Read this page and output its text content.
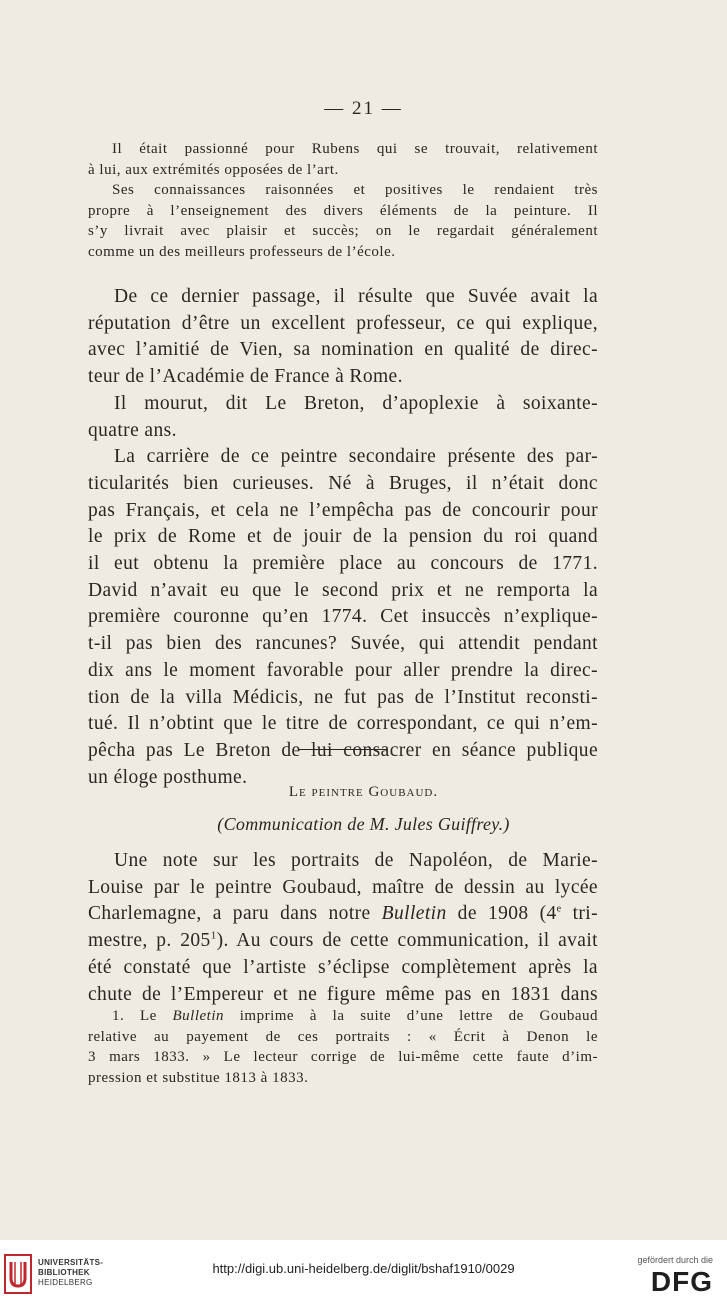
— 21 —

Il était passionné pour Rubens qui se trouvait, relativement

à lui, aux extrémités opposées de l’art.

Ses connaissances raisonnées et positives le rendaient très

propre à l’enseignement des divers éléments de la peinture. Il

s’y livrait avec plaisir et succès; on le regardait généralement

comme un des meilleurs professeurs de l’école.

De ce dernier passage, il résulte que Suvée avait la

réputation d’être un excellent professeur, ce qui explique,

avec l’amitié de Vien, sa nomination en qualité de direc-

teur de l’Académie de France à Rome.

Il mourut, dit Le Breton, d’apoplexie à soixante-

quatre ans.

La carrière de ce peintre secondaire présente des par-

ticularités bien curieuses. Né à Bruges, il n’était donc

pas Français, et cela ne l’empêcha pas de concourir pour

le prix de Rome et de jouir de la pension du roi quand

il eut obtenu la première place au concours de 1771.

David n’avait eu que le second prix et ne remporta la

première couronne qu’en 1774. Cet insuccès n’explique-

t-il pas bien des rancunes? Suvée, qui attendit pendant

dix ans le moment favorable pour aller prendre la direc-

tion de la villa Médicis, ne fut pas de l’Institut reconsti-

tué. Il n’obtint que le titre de correspondant, ce qui n’em-

pêcha pas Le Breton de lui consacrer en séance publique

un éloge posthume.

Le peintre Goubaud.
(Communication de M. Jules Guiffrey.)

Une note sur les portraits de Napoléon, de Marie-

Louise par le peintre Goubaud, maître de dessin au lycée

Charlemagne, a paru dans notre Bulletin de 1908 (4e tri-

mestre, p. 205$^1$). Au cours de cette communication, il avait

été constaté que l’artiste s’éclipse complètement après la

chute de l’Empereur et ne figure même pas en 1831 dans

1. Le Bulletin imprime à la suite d’une lettre de Goubaud

relative au payement de ces portraits : « Écrit à Denon le

3 mars 1833. » Le lecteur corrige de lui-même cette faute d’im-

pression et substitue 1813 à 1833.

UNIVERSITÄTS-
BIBLIOTHEK
HEIDELBERG
http://digi.ub.uni-heidelberg.de/diglit/bshaf1910/0029
gefördert durch die
DFG
